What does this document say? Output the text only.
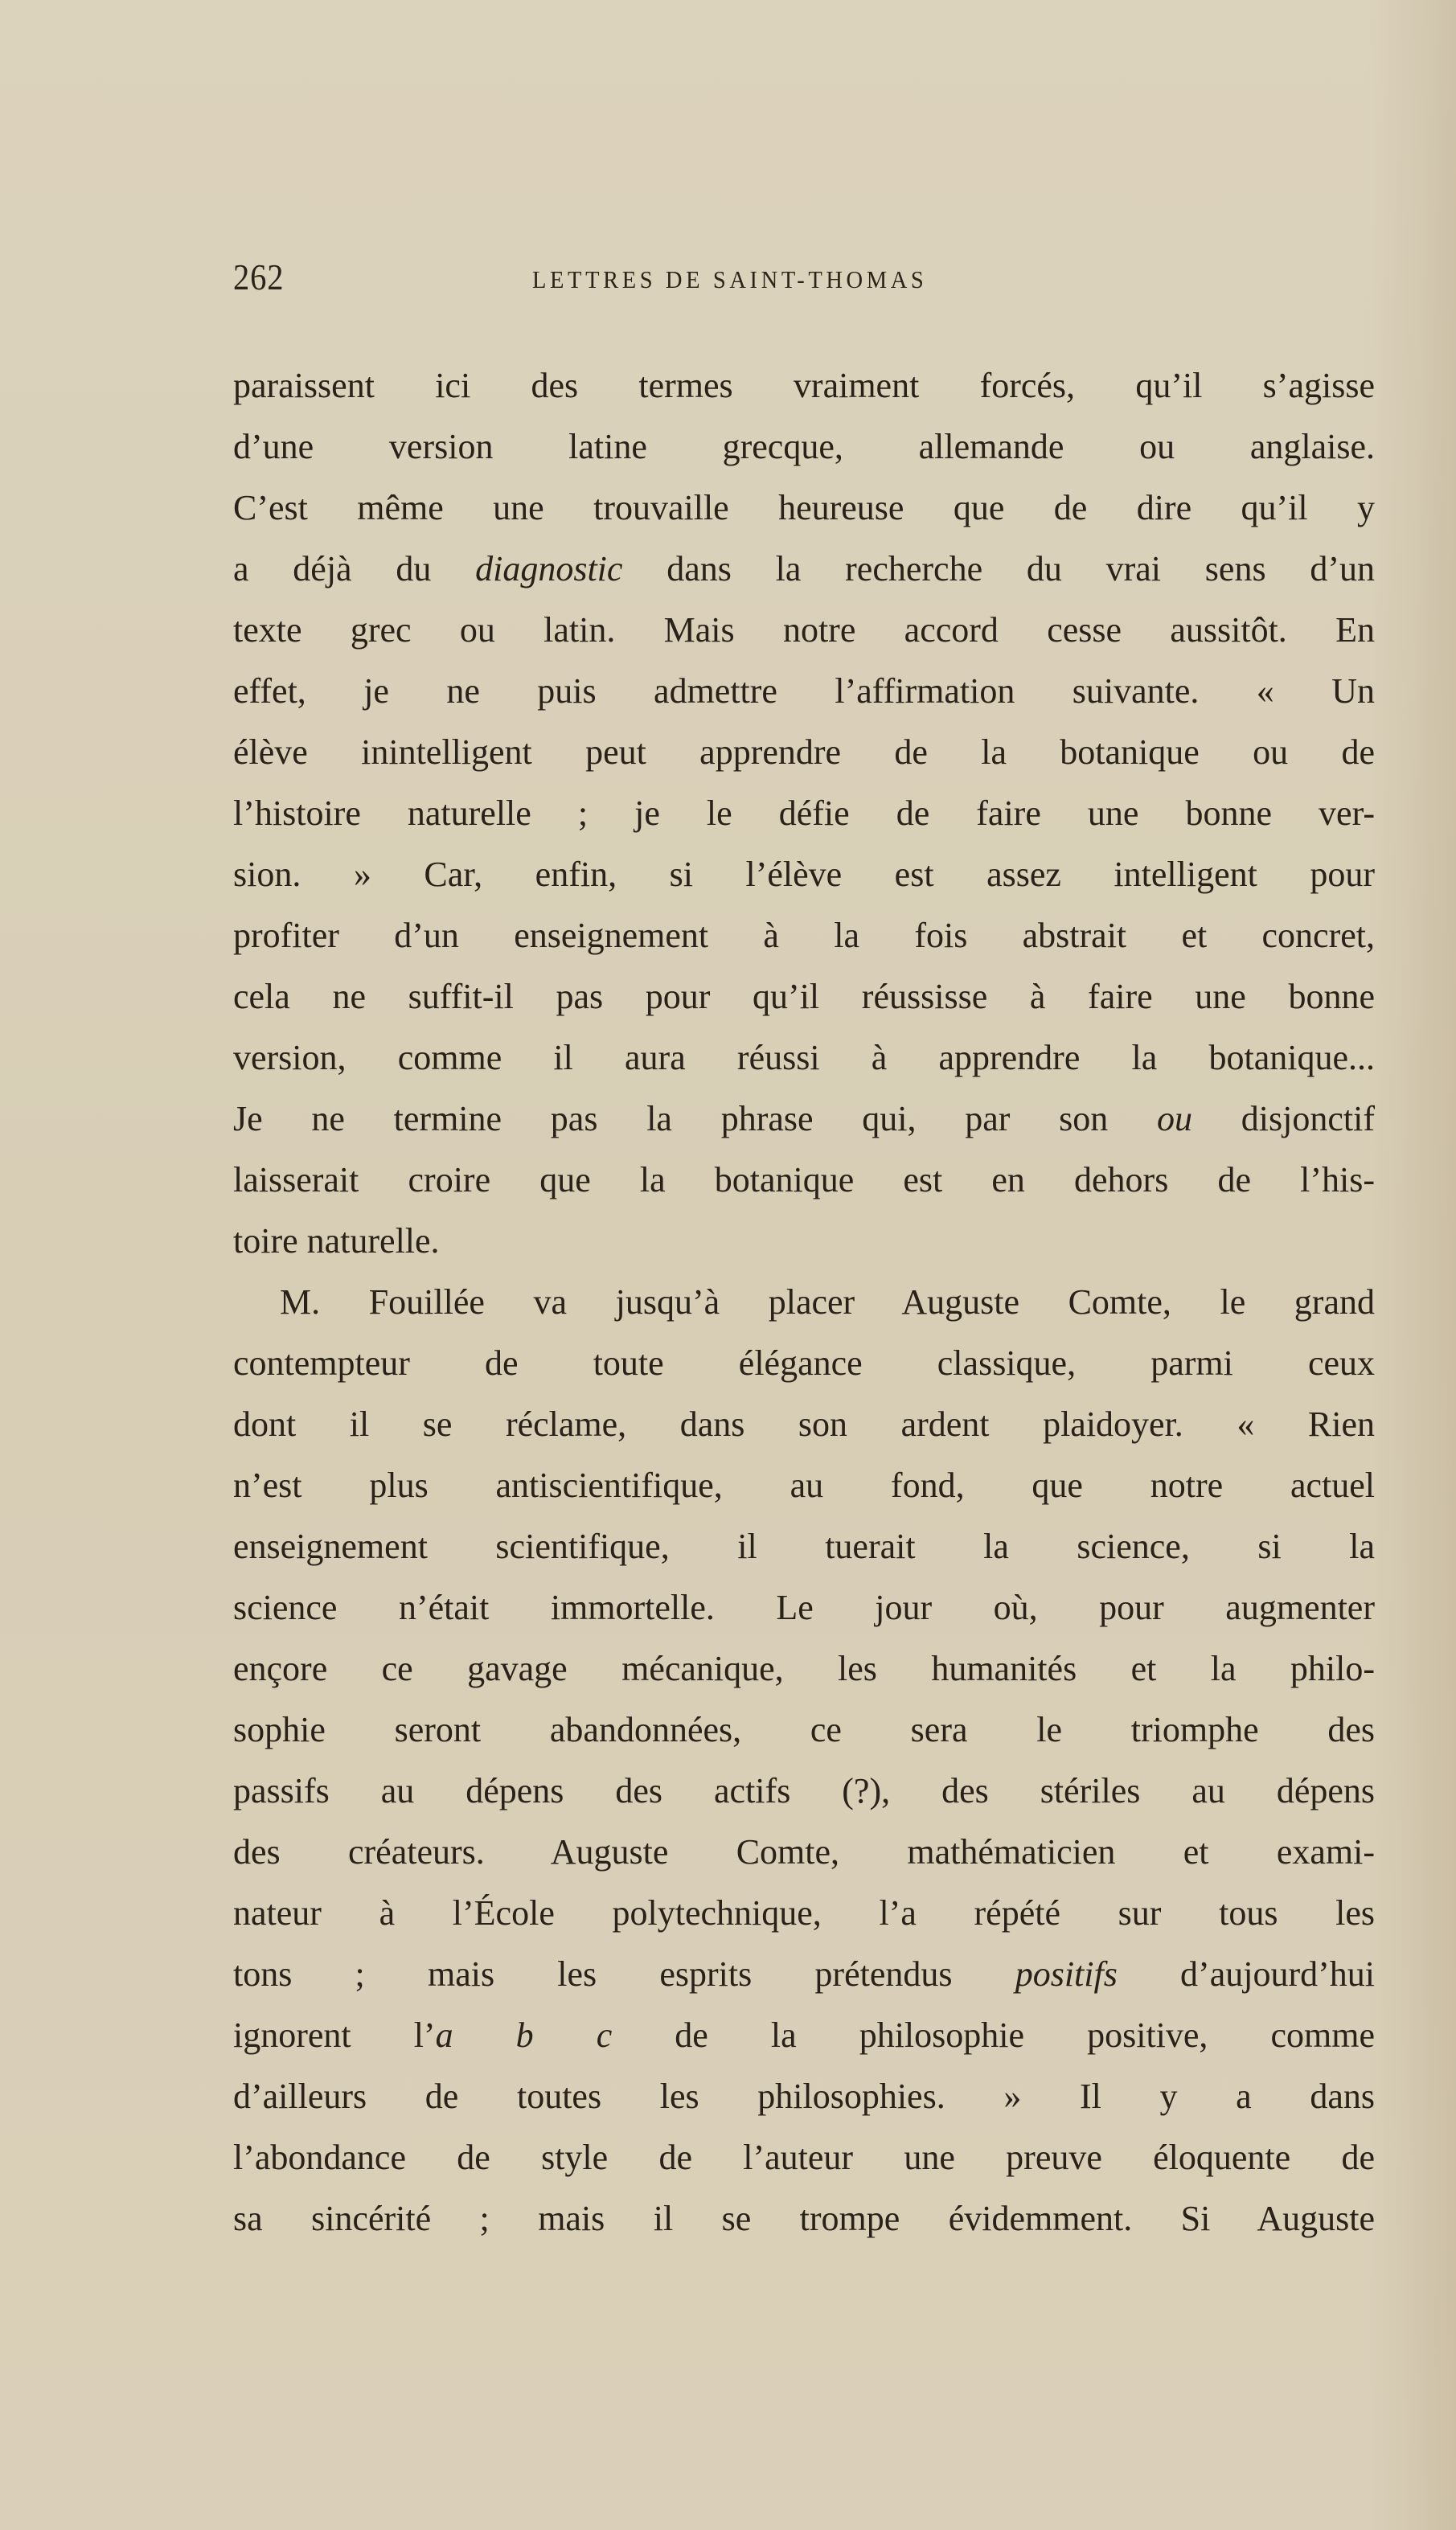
262	LETTRES DE SAINT-THOMAS
paraissent ici des termes vraiment forcés, qu’il s’agisse
d’une version latine grecque, allemande ou anglaise.
C’est même une trouvaille heureuse que de dire qu’il y
a déjà du diagnostic dans la recherche du vrai sens d’un
texte grec ou latin. Mais notre accord cesse aussitôt. En
effet, je ne puis admettre l’affirmation suivante. « Un
élève inintelligent peut apprendre de la botanique ou de
l’histoire naturelle ; je le défie de faire une bonne ver-
sion. » Car, enfin, si l’élève est assez intelligent pour
profiter d’un enseignement à la fois abstrait et concret,
cela ne suffit-il pas pour qu’il réussisse à faire une bonne
version, comme il aura réussi à apprendre la botanique...
Je ne termine pas la phrase qui, par son ou disjonctif
laisserait croire que la botanique est en dehors de l’his-
toire naturelle.
M. Fouillée va jusqu’à placer Auguste Comte, le grand
contempteur de toute élégance classique, parmi ceux
dont il se réclame, dans son ardent plaidoyer. « Rien
n’est plus antiscientifique, au fond, que notre actuel
enseignement scientifique, il tuerait la science, si la
science n’était immortelle. Le jour où, pour augmenter
ençore ce gavage mécanique, les humanités et la philo-
sophie seront abandonnées, ce sera le triomphe des
passifs au dépens des actifs (?), des stériles au dépens
des créateurs. Auguste Comte, mathématicien et exami-
nateur à l’École polytechnique, l’a répété sur tous les
tons ; mais les esprits prétendus positifs d’aujourd’hui
ignorent l’a b c de la philosophie positive, comme
d’ailleurs de toutes les philosophies. » Il y a dans
l’abondance de style de l’auteur une preuve éloquente de
sa sincérité ; mais il se trompe évidemment. Si Auguste
